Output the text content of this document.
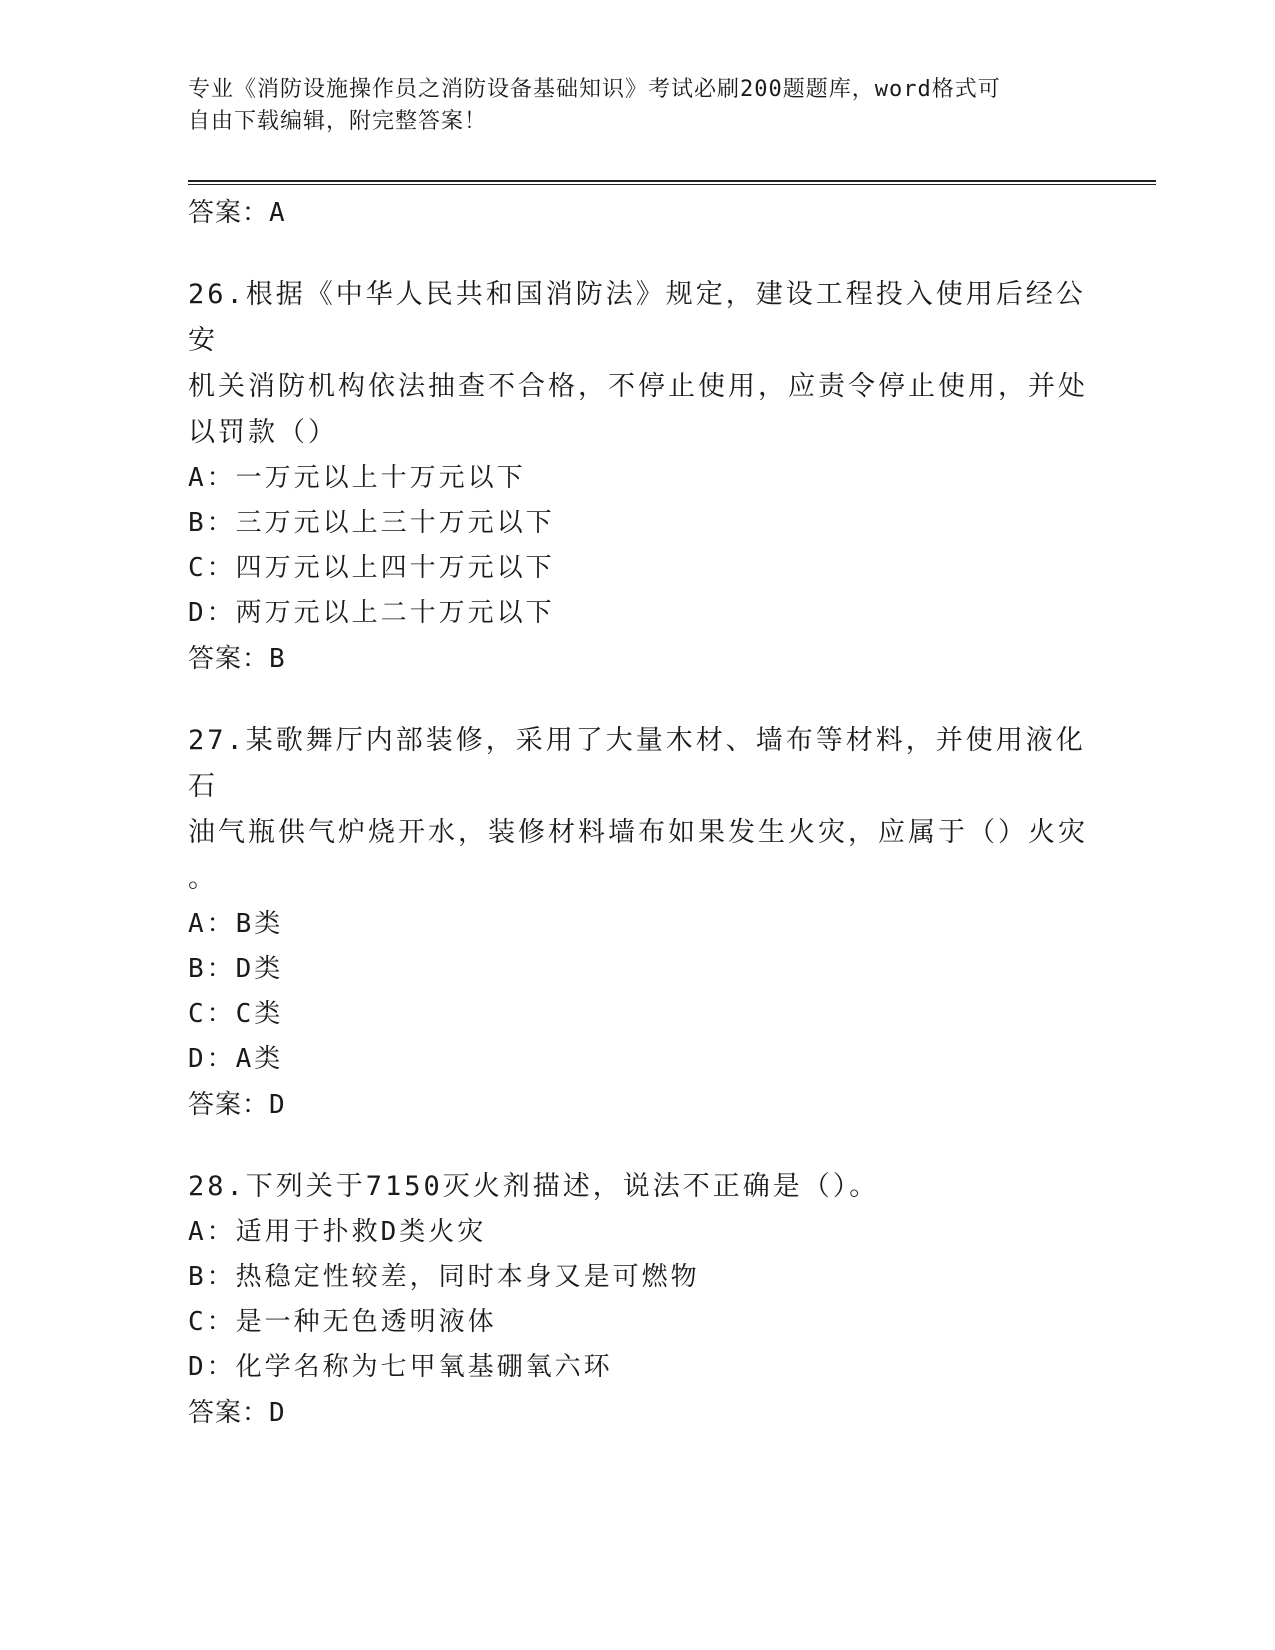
专业《消防设施操作员之消防设备基础知识》考试必刷200题题库，word格式可
自由下载编辑，附完整答案！
答案：A
26.根据《中华人民共和国消防法》规定，建设工程投入使用后经公安
机关消防机构依法抽查不合格，不停止使用，应责令停止使用，并处
以罚款（）
A：一万元以上十万元以下
B：三万元以上三十万元以下
C：四万元以上四十万元以下
D：两万元以上二十万元以下
答案：B
27.某歌舞厅内部装修，采用了大量木材、墙布等材料，并使用液化石
油气瓶供气炉烧开水，装修材料墙布如果发生火灾，应属于（）火灾
。
A：B类
B：D类
C：C类
D：A类
答案：D
28.下列关于7150灭火剂描述，说法不正确是（）。
A：适用于扑救D类火灾
B：热稳定性较差，同时本身又是可燃物
C：是一种无色透明液体
D：化学名称为七甲氧基硼氧六环
答案：D
